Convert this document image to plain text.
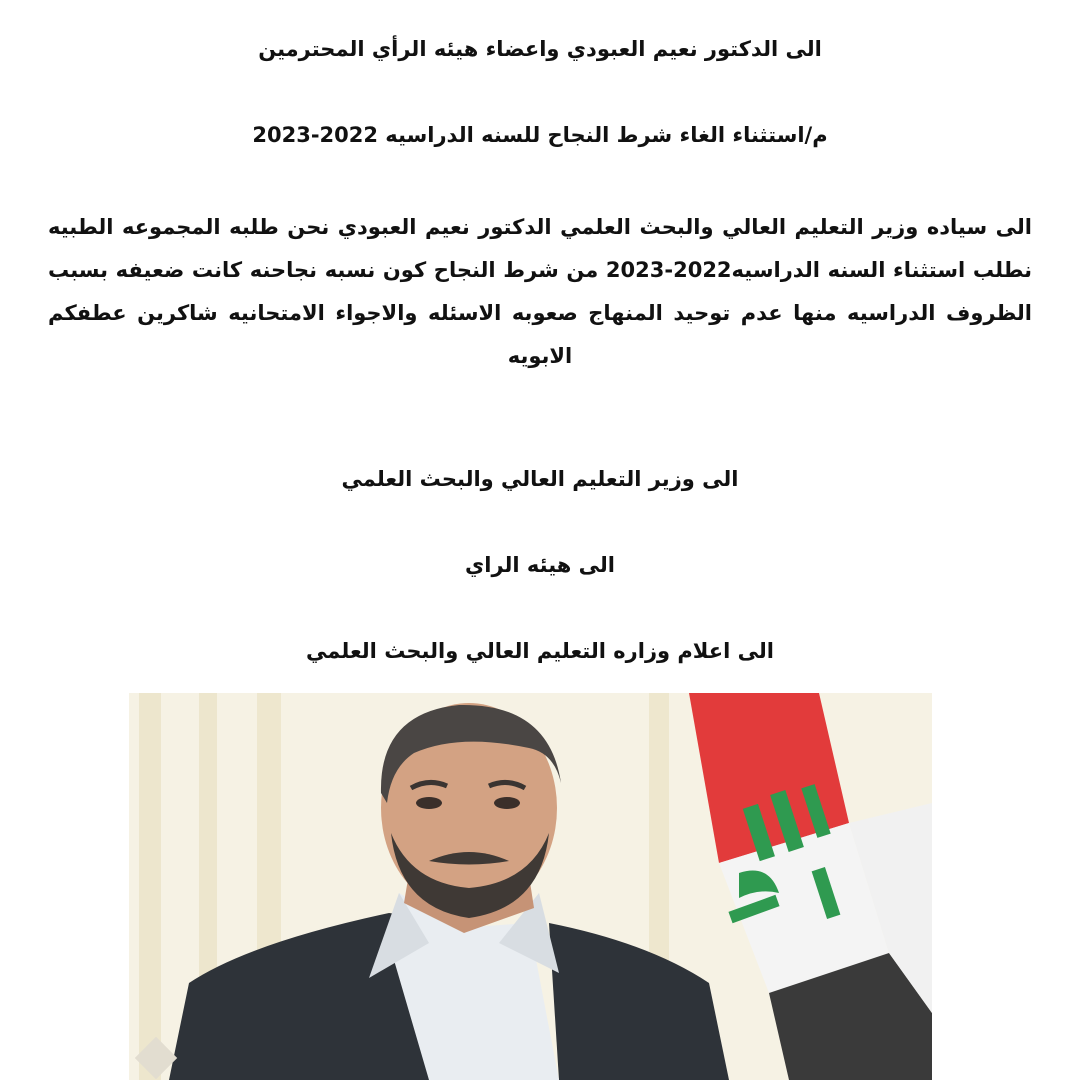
الى الدكتور نعيم العبودي واعضاء هيئه الرأي المحترمين
م/استثناء الغاء شرط النجاح للسنه الدراسيه 2022-2023
الى سياده وزير التعليم العالي والبحث العلمي الدكتور نعيم العبودي نحن طلبه المجموعه الطبيه نطلب استثناء السنه الدراسيه2022-2023 من شرط النجاح كون نسبه نجاحنه كانت ضعيفه بسبب الظروف الدراسيه منها عدم توحيد المنهاج صعوبه الاسئله والاجواء الامتحانيه شاكرين عطفكم الابويه
الى وزير التعليم العالي والبحث العلمي
الى هيئه الراي
الى اعلام وزاره التعليم العالي والبحث العلمي
